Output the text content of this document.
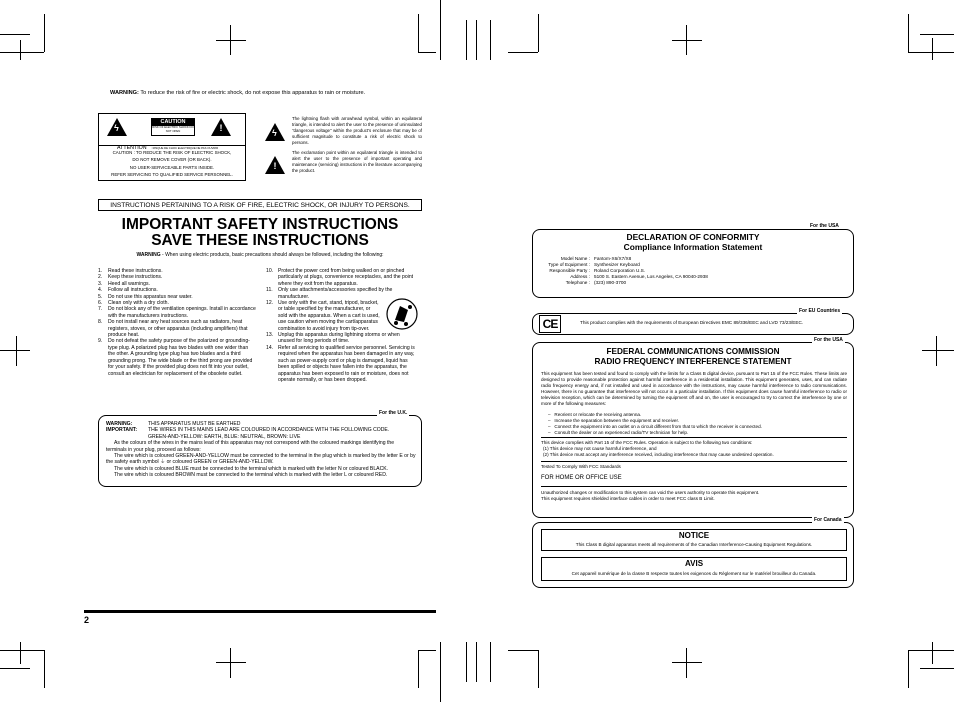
WARNING: To reduce the risk of fire or electric shock, do not expose this apparatus to rain or moisture.
ϟ
CAUTION
RISK OF ELECTRIC SHOCK DO NOT OPEN	!
ATTENTION : RISQUE DE CHOC ELECTRIQUE NE PAS OUVRIR
CAUTION : TO REDUCE THE RISK OF ELECTRIC SHOCK,
DO NOT REMOVE COVER (OR BACK).
NO USER-SERVICEABLE PARTS INSIDE.
REFER SERVICING TO QUALIFIED SERVICE PERSONNEL.
ϟ
The lightning flash with arrowhead symbol, within an equilateral triangle, is intended to alert the user to the presence of uninsulated "dangerous voltage" within the product's enclosure that may be of sufficient magnitude to constitute a risk of electric shock to persons.
!
The exclamation point within an equilateral triangle is intended to alert the user to the presence of important operating and maintenance (servicing) instructions in the literature accompanying the product.
INSTRUCTIONS PERTAINING TO A RISK OF FIRE, ELECTRIC SHOCK, OR INJURY TO PERSONS.
IMPORTANT SAFETY INSTRUCTIONS
SAVE THESE INSTRUCTIONS
WARNING - When using electric products, basic precautions should always be followed, including the following:
1.	Read these instructions.
2.	Keep these instructions.
3.	Heed all warnings.
4.	Follow all instructions.
5.	Do not use this apparatus near water.
6.	Clean only with a dry cloth.
7.	Do not block any of the ventilation openings. Install in accordance with the manufacturers instructions.
8.	Do not install near any heat sources such as radiators, heat registers, stoves, or other apparatus (including amplifiers) that produce heat.
9.	Do not defeat the safety purpose of the polarized or grounding-type plug. A polarized plug has two blades with one wider than the other. A grounding type plug has two blades and a third grounding prong. The wide blade or the third prong are provided for your safety. If the provided plug does not fit into your outlet, consult an electrician for replacement of the obsolete outlet.
10. Protect the power cord from being walked on or pinched particularly at plugs, convenience receptacles, and the point where they exit from the apparatus.
11.	Only use attachments/accessories specified by the manufacturer.
12. Use only with the cart, stand, tripod, bracket, or table specified by the manufacturer, or sold with the apparatus. When a cart is used, use caution when moving the cart/apparatus combination to avoid injury from tip-over.
13. Unplug this apparatus during lightning storms or when unused for long periods of time.
14. Refer all servicing to qualified service personnel. Servicing is required when the apparatus has been damaged in any way, such as power-supply cord or plug is damaged, liquid has been spilled or objects have fallen into the apparatus, the apparatus has been exposed to rain or moisture, does not operate normally, or has been dropped.
For the U.K.
WARNING:	THIS APPARATUS MUST BE EARTHED
IMPORTANT:	THE WIRES IN THIS MAINS LEAD ARE COLOURED IN ACCORDANCE WITH THE FOLLOWING CODE.
GREEN-AND-YELLOW: EARTH, BLUE: NEUTRAL, BROWN: LIVE
As the colours of the wires in the mains lead of this apparatus may not correspond with the coloured markings identifying the terminals in your plug, proceed as follows:
The wire which is coloured GREEN-AND-YELLOW must be connected to the terminal in the plug which is marked by the letter E or by the safety earth symbol ⏚ or coloured GREEN or GREEN-AND-YELLOW.
The wire which is coloured BLUE must be connected to the terminal which is marked with the letter N or coloured BLACK.
The wire which is coloured BROWN must be connected to the terminal which is marked with the letter L or coloured RED.
2
For the USA
DECLARATION OF CONFORMITY
Compliance Information Statement
Model Name : Fantom-X6/X7/X8
Type of Equipment : Synthesizer Keyboard
Responsible Party : Roland Corporation U.S.
Address : 5100 S. Eastern Avenue, Los Angeles, CA 90040-2938
Telephone : (323) 890-3700
For EU Countries
CE	This product complies with the requirements of European Directives EMC 89/336/EEC and LVD 73/23/EEC.
For the USA
FEDERAL COMMUNICATIONS COMMISSION
RADIO FREQUENCY INTERFERENCE STATEMENT
This equipment has been tested and found to comply with the limits for a Class B digital device, pursuant to Part 15 of the FCC Rules. These limits are designed to provide reasonable protection against harmful interference in a residential installation. This equipment generates, uses, and can radiate radio frequency energy and, if not installed and used in accordance with the instructions, may cause harmful interference to radio communications. However, there is no guarantee that interference will not occur in a particular installation. If this equipment does cause harmful interference to radio or television reception, which can be determined by turning the equipment off and on, the user is encouraged to try to correct the interference by one or more of the following measures:
–   Reorient or relocate the receiving antenna.
–   Increase the separation between the equipment and receiver.
–   Connect the equipment into an outlet on a circuit different from that to which the receiver is connected.
–   Consult the dealer or an experienced radio/TV technician for help.
This device complies with Part 15 of the FCC Rules. Operation is subject to the following two conditions:
(1) This device may not cause harmful interference, and
(2) This device must accept any interference received, including interference that may cause undesired operation.
Tested To Comply With FCC Standards
FOR HOME OR OFFICE USE
Unauthorized changes or modification to this system can void the users authority to operate this equipment.
This equipment requires shielded interface cables in order to meet FCC class B Limit.
For Canada
NOTICE
This Class B digital apparatus meets all requirements of the Canadian Interference-Causing Equipment Regulations.
AVIS
Cet appareil numérique de la classe B respecte toutes les exigences du Règlement sur le matériel brouilleur du Canada.
